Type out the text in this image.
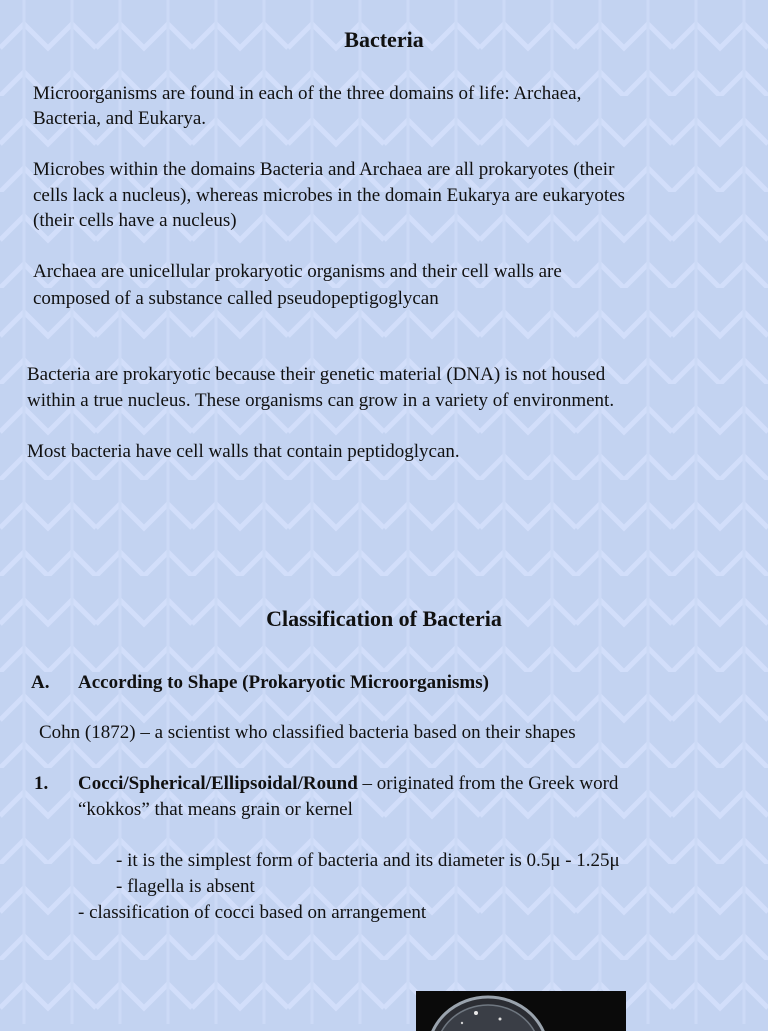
Bacteria
Microorganisms are found in each of the three domains of life: Archaea,
Bacteria, and Eukarya.
Microbes within the domains Bacteria and Archaea are all prokaryotes (their
cells lack a nucleus), whereas microbes in the domain Eukarya are eukaryotes
(their cells have a nucleus)
Archaea are unicellular prokaryotic organisms and their cell walls are
composed of a substance called pseudopeptigoglycan
Bacteria are prokaryotic because their genetic material (DNA) is not housed
within a true nucleus. These organisms can grow in a variety of environment.
Most bacteria have cell walls that contain peptidoglycan.
Classification of Bacteria
A. According to Shape (Prokaryotic Microorganisms)
Cohn (1872) – a scientist who classified bacteria based on their shapes
1. Cocci/Spherical/Ellipsoidal/Round – originated from the Greek word
“kokkos” that means grain or kernel
- it is the simplest form of bacteria and its diameter is 0.5μ - 1.25μ
- flagella is absent
- classification of cocci based on arrangement
